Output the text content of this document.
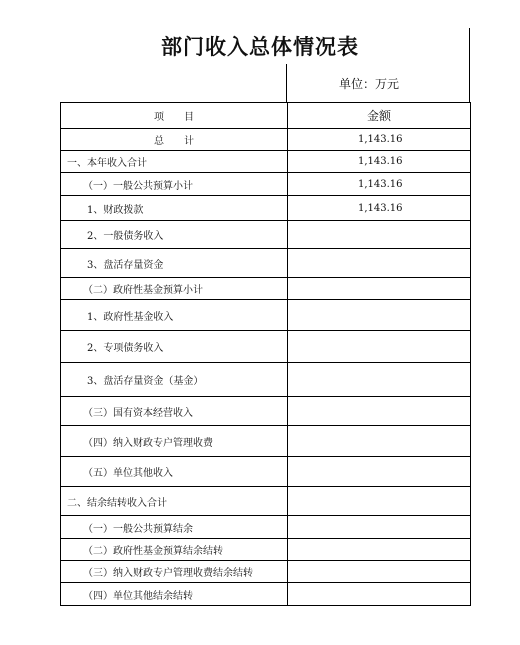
部门收入总体情况表
单位：万元
项　　目	金额
总　　计	1,143.16
一、本年收入合计	1,143.16
（一）一般公共预算小计	1,143.16
1、财政拨款	1,143.16
2、一般债务收入	
3、盘活存量资金	
（二）政府性基金预算小计	
1、政府性基金收入	
2、专项债务收入	
3、盘活存量资金（基金）	
（三）国有资本经营收入	
（四）纳入财政专户管理收费	
（五）单位其他收入	
二、结余结转收入合计	
（一）一般公共预算结余	
（二）政府性基金预算结余结转	
（三）纳入财政专户管理收费结余结转	
（四）单位其他结余结转	
